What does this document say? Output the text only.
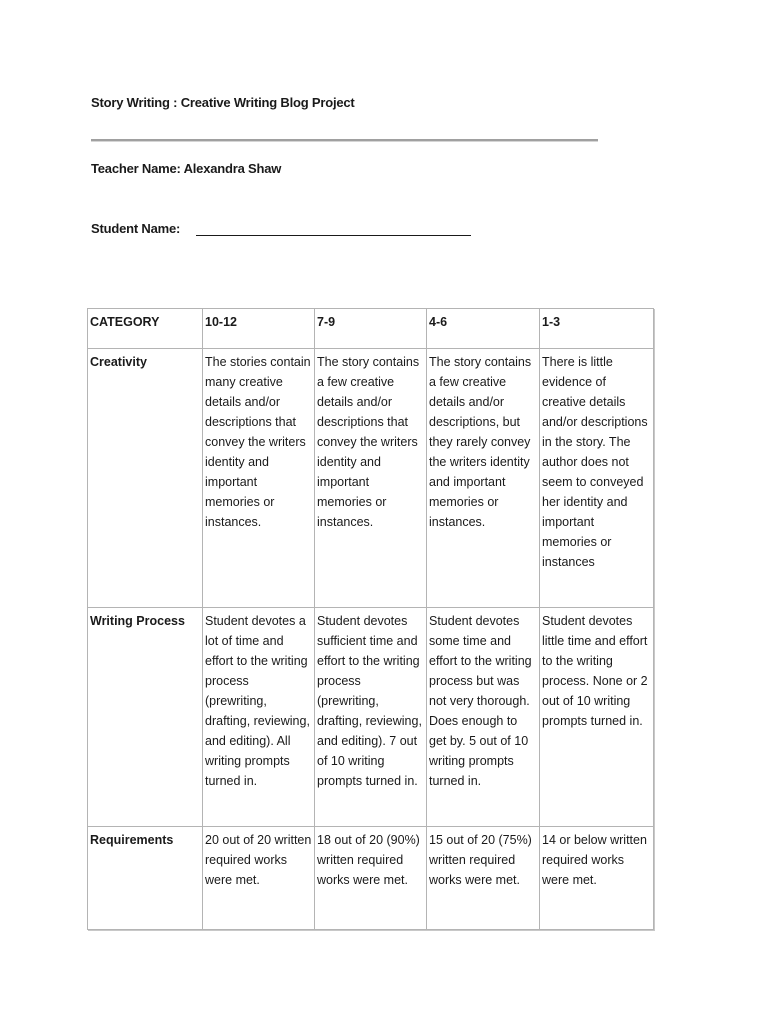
Story Writing : Creative Writing Blog Project
Teacher Name: Alexandra Shaw
Student Name:
CATEGORY	10-12	7-9	4-6	1-3
Creativity	The stories contain many creative details and/or descriptions that convey the writers identity and important memories or instances.	The story contains a few creative details and/or descriptions that convey the writers identity and important memories or instances.	The story contains a few creative details and/or descriptions, but they rarely convey the writers identity and important memories or instances.	There is little evidence of creative details and/or descriptions in the story. The author does not seem to conveyed her identity and important memories or instances
Writing Process	Student devotes a lot of time and effort to the writing process (prewriting, drafting, reviewing, and editing). All writing prompts turned in.	Student devotes sufficient time and effort to the writing process (prewriting, drafting, reviewing, and editing). 7 out of 10 writing prompts turned in.	Student devotes some time and effort to the writing process but was not very thorough. Does enough to get by. 5 out of 10 writing prompts turned in.	Student devotes little time and effort to the writing process. None or 2 out of 10 writing prompts turned in.
Requirements	20 out of 20 written required works were met.	18 out of 20 (90%) written required works were met.	15 out of 20 (75%) written required works were met.	14 or below written required works were met.
